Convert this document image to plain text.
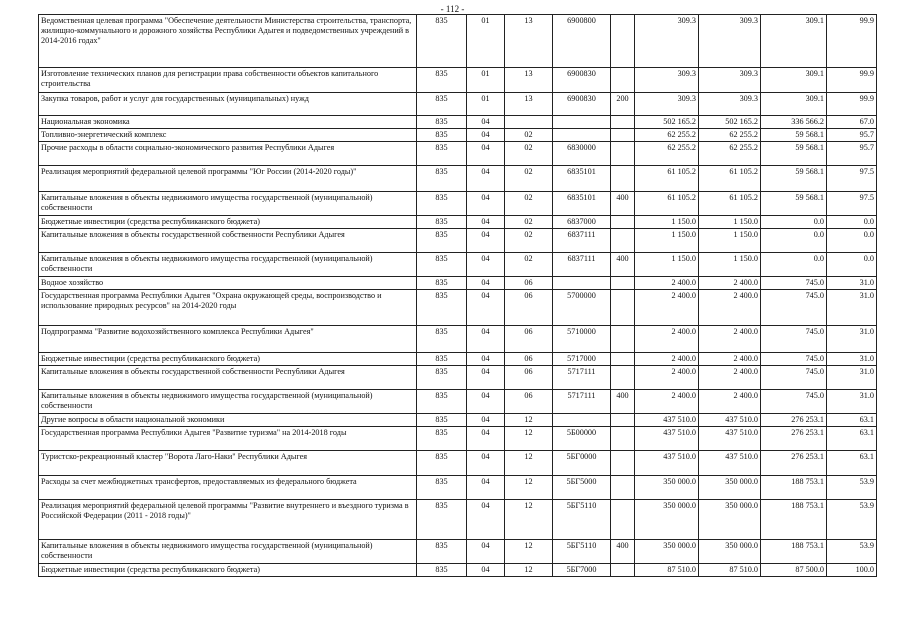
- 112 -
Ведомственная целевая программа "Обеспечение деятельности Министерства строительства, транспорта, жилищно-коммунального и дорожного хозяйства Республики Адыгея и подведомственных учреждений в 2014-2016 годах"	835	01	13	6900800		309.3	309.3	309.1	99.9
Изготовление технических планов для регистрации права собственности объектов капитального строительства	835	01	13	6900830		309.3	309.3	309.1	99.9
Закупка товаров, работ и услуг для государственных (муниципальных) нужд	835	01	13	6900830	200	309.3	309.3	309.1	99.9
Национальная экономика	835	04				502 165.2	502 165.2	336 566.2	67.0
Топливно-энергетический комплекс	835	04	02			62 255.2	62 255.2	59 568.1	95.7
Прочие расходы в области социально-экономического развития Республики Адыгея	835	04	02	6830000		62 255.2	62 255.2	59 568.1	95.7
Реализация мероприятий федеральной целевой программы "Юг России (2014-2020 годы)"	835	04	02	6835101		61 105.2	61 105.2	59 568.1	97.5
Капитальные вложения в объекты недвижимого имущества государственной (муниципальной) собственности	835	04	02	6835101	400	61 105.2	61 105.2	59 568.1	97.5
Бюджетные инвестиции (средства республиканского бюджета)	835	04	02	6837000		1 150.0	1 150.0	0.0	0.0
Капитальные вложения в объекты государственной собственности Республики Адыгея	835	04	02	6837111		1 150.0	1 150.0	0.0	0.0
Капитальные вложения в объекты недвижимого имущества государственной (муниципальной) собственности	835	04	02	6837111	400	1 150.0	1 150.0	0.0	0.0
Водное хозяйство	835	04	06			2 400.0	2 400.0	745.0	31.0
Государственная программа Республики Адыгея "Охрана окружающей среды, воспроизводство и использование природных ресурсов" на 2014-2020 годы	835	04	06	5700000		2 400.0	2 400.0	745.0	31.0
Подпрограмма "Развитие водохозяйственного комплекса Республики Адыгея"	835	04	06	5710000		2 400.0	2 400.0	745.0	31.0
Бюджетные инвестиции (средства республиканского бюджета)	835	04	06	5717000		2 400.0	2 400.0	745.0	31.0
Капитальные вложения в объекты государственной собственности Республики Адыгея	835	04	06	5717111		2 400.0	2 400.0	745.0	31.0
Капитальные вложения в объекты недвижимого имущества государственной (муниципальной) собственности	835	04	06	5717111	400	2 400.0	2 400.0	745.0	31.0
Другие вопросы в области национальной экономики	835	04	12			437 510.0	437 510.0	276 253.1	63.1
Государственная программа Республики Адыгея "Развитие туризма" на 2014-2018 годы	835	04	12	5Б00000		437 510.0	437 510.0	276 253.1	63.1
Туристско-рекреационный кластер "Ворота Лаго-Наки" Республики Адыгея	835	04	12	5БГ0000		437 510.0	437 510.0	276 253.1	63.1
Расходы за счет межбюджетных трансфертов, предоставляемых из федерального бюджета	835	04	12	5БГ5000		350 000.0	350 000.0	188 753.1	53.9
Реализация мероприятий федеральной целевой программы "Развитие внутреннего и въездного туризма в Российской Федерации (2011 - 2018 годы)"	835	04	12	5БГ5110		350 000.0	350 000.0	188 753.1	53.9
Капитальные вложения в объекты недвижимого имущества государственной (муниципальной) собственности	835	04	12	5БГ5110	400	350 000.0	350 000.0	188 753.1	53.9
Бюджетные инвестиции (средства республиканского бюджета)	835	04	12	5БГ7000		87 510.0	87 510.0	87 500.0	100.0
